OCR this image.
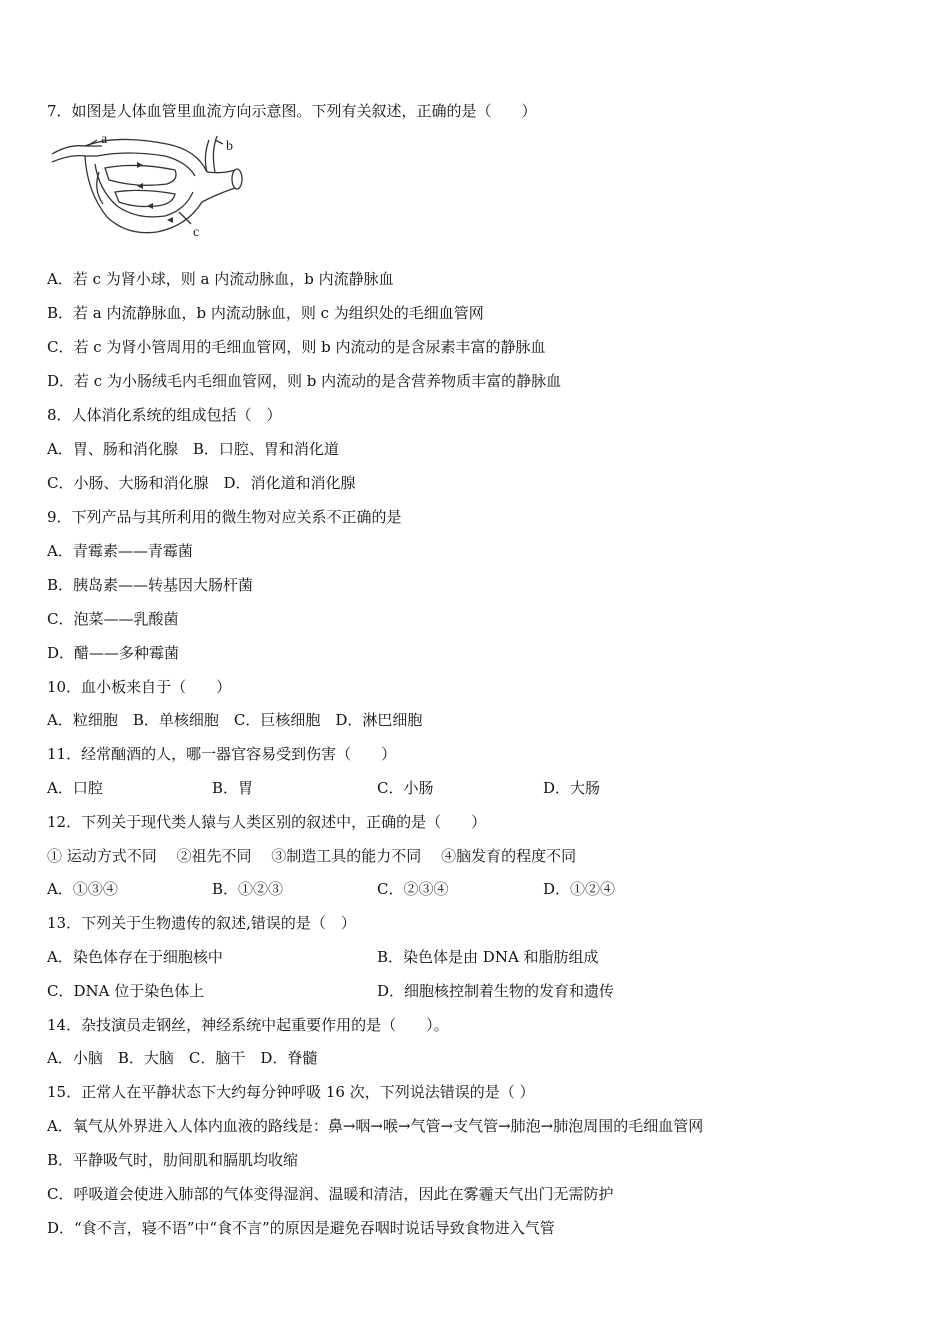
7．如图是人体血管里血流方向示意图。下列有关叙述，正确的是（　　）
a	b
c
A．若 c 为肾小球，则 a 内流动脉血，b 内流静脉血
B．若 a 内流静脉血，b 内流动脉血，则 c 为组织处的毛细血管网
C．若 c 为肾小管周用的毛细血管网，则 b 内流动的是含尿素丰富的静脉血
D．若 c 为小肠绒毛内毛细血管网，则 b 内流动的是含营养物质丰富的静脉血
8．人体消化系统的组成包括（　）
A．胃、肠和消化腺　B．口腔、胃和消化道
C．小肠、大肠和消化腺　D．消化道和消化腺
9．下列产品与其所利用的微生物对应关系不正确的是
A．青霉素——青霉菌
B．胰岛素——转基因大肠杆菌
C．泡菜——乳酸菌
D．醋——多种霉菌
10．血小板来自于（　　）
A．粒细胞　B．单核细胞　C．巨核细胞　D．淋巴细胞
11．经常酗酒的人，哪一器官容易受到伤害（　　）
A．口腔	B．胃	C．小肠	D．大肠
12．下列关于现代类人猿与人类区别的叙述中，正确的是（　　）
① 运动方式不同　 ②祖先不同　 ③制造工具的能力不同　 ④脑发育的程度不同
A．①③④	B．①②③	C．②③④	D．①②④
13．下列关于生物遗传的叙述,错误的是（　）
A．染色体存在于细胞核中	B．染色体是由 DNA 和脂肪组成
C．DNA 位于染色体上	D．细胞核控制着生物的发育和遗传
14．杂技演员走钢丝，神经系统中起重要作用的是（　　）。
A．小脑　B．大脑　C．脑干　D．脊髓
15．正常人在平静状态下大约每分钟呼吸 16 次，下列说法错误的是（ ）
A．氧气从外界进入人体内血液的路线是：鼻→咽→喉→气管→支气管→肺泡→肺泡周围的毛细血管网
B．平静吸气时，肋间肌和膈肌均收缩
C．呼吸道会使进入肺部的气体变得湿润、温暖和清洁，因此在雾霾天气出门无需防护
D．“食不言，寝不语”中“食不言”的原因是避免吞咽时说话导致食物进入气管
